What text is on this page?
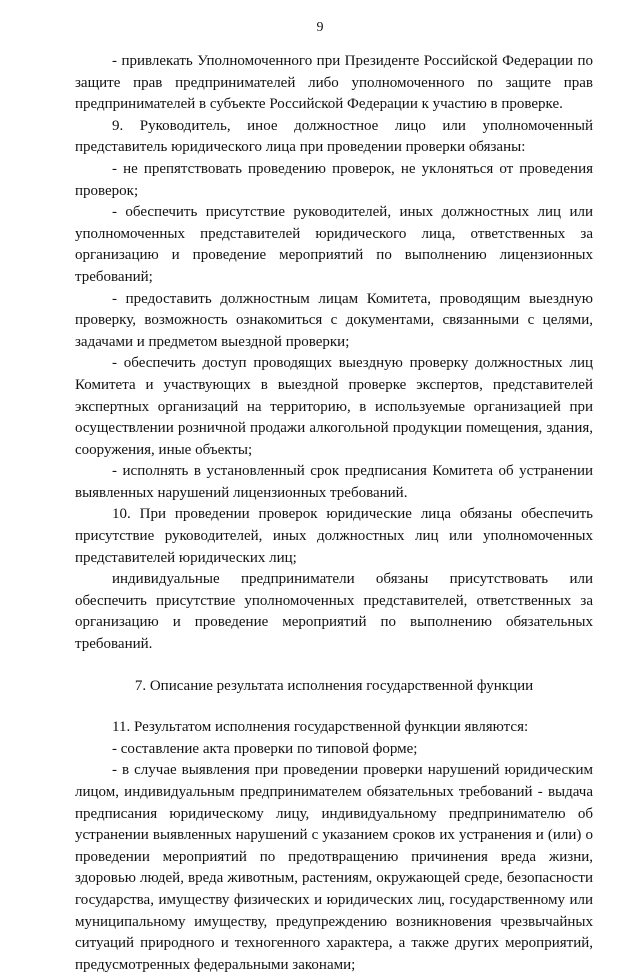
9

- привлекать Уполномоченного при Президенте Российской Федерации по защите прав предпринимателей либо уполномоченного по защите прав предпринимателей в субъекте Российской Федерации к участию в проверке.

9. Руководитель, иное должностное лицо или уполномоченный представитель юридического лица при проведении проверки обязаны:

- не препятствовать проведению проверок, не уклоняться от проведения проверок;

- обеспечить присутствие руководителей, иных должностных лиц или уполномоченных представителей юридического лица, ответственных за организацию и проведение мероприятий по выполнению лицензионных требований;

- предоставить должностным лицам Комитета, проводящим выездную проверку, возможность ознакомиться с документами, связанными с целями, задачами и предметом выездной проверки;

- обеспечить доступ проводящих выездную проверку должностных лиц Комитета и участвующих в выездной проверке экспертов, представителей экспертных организаций на территорию, в используемые организацией при осуществлении розничной продажи алкогольной продукции помещения, здания, сооружения, иные объекты;

- исполнять в установленный срок предписания Комитета об устранении выявленных нарушений лицензионных требований.

10. При проведении проверок юридические лица обязаны обеспечить присутствие руководителей, иных должностных лиц или уполномоченных представителей юридических лиц;

индивидуальные предприниматели обязаны присутствовать или обеспечить присутствие уполномоченных представителей, ответственных за организацию и проведение мероприятий по выполнению обязательных требований.

7. Описание результата исполнения государственной функции

11. Результатом исполнения государственной функции являются:

- составление акта проверки по типовой форме;

- в случае выявления при проведении проверки нарушений юридическим лицом, индивидуальным предпринимателем обязательных требований - выдача предписания юридическому лицу, индивидуальному предпринимателю об устранении выявленных нарушений с указанием сроков их устранения и (или) о проведении мероприятий по предотвращению причинения вреда жизни, здоровью людей, вреда животным, растениям, окружающей среде, безопасности государства, имуществу физических и юридических лиц, государственному или муниципальному имуществу, предупреждению возникновения чрезвычайных ситуаций природного и техногенного характера, а также других мероприятий, предусмотренных федеральными законами;
